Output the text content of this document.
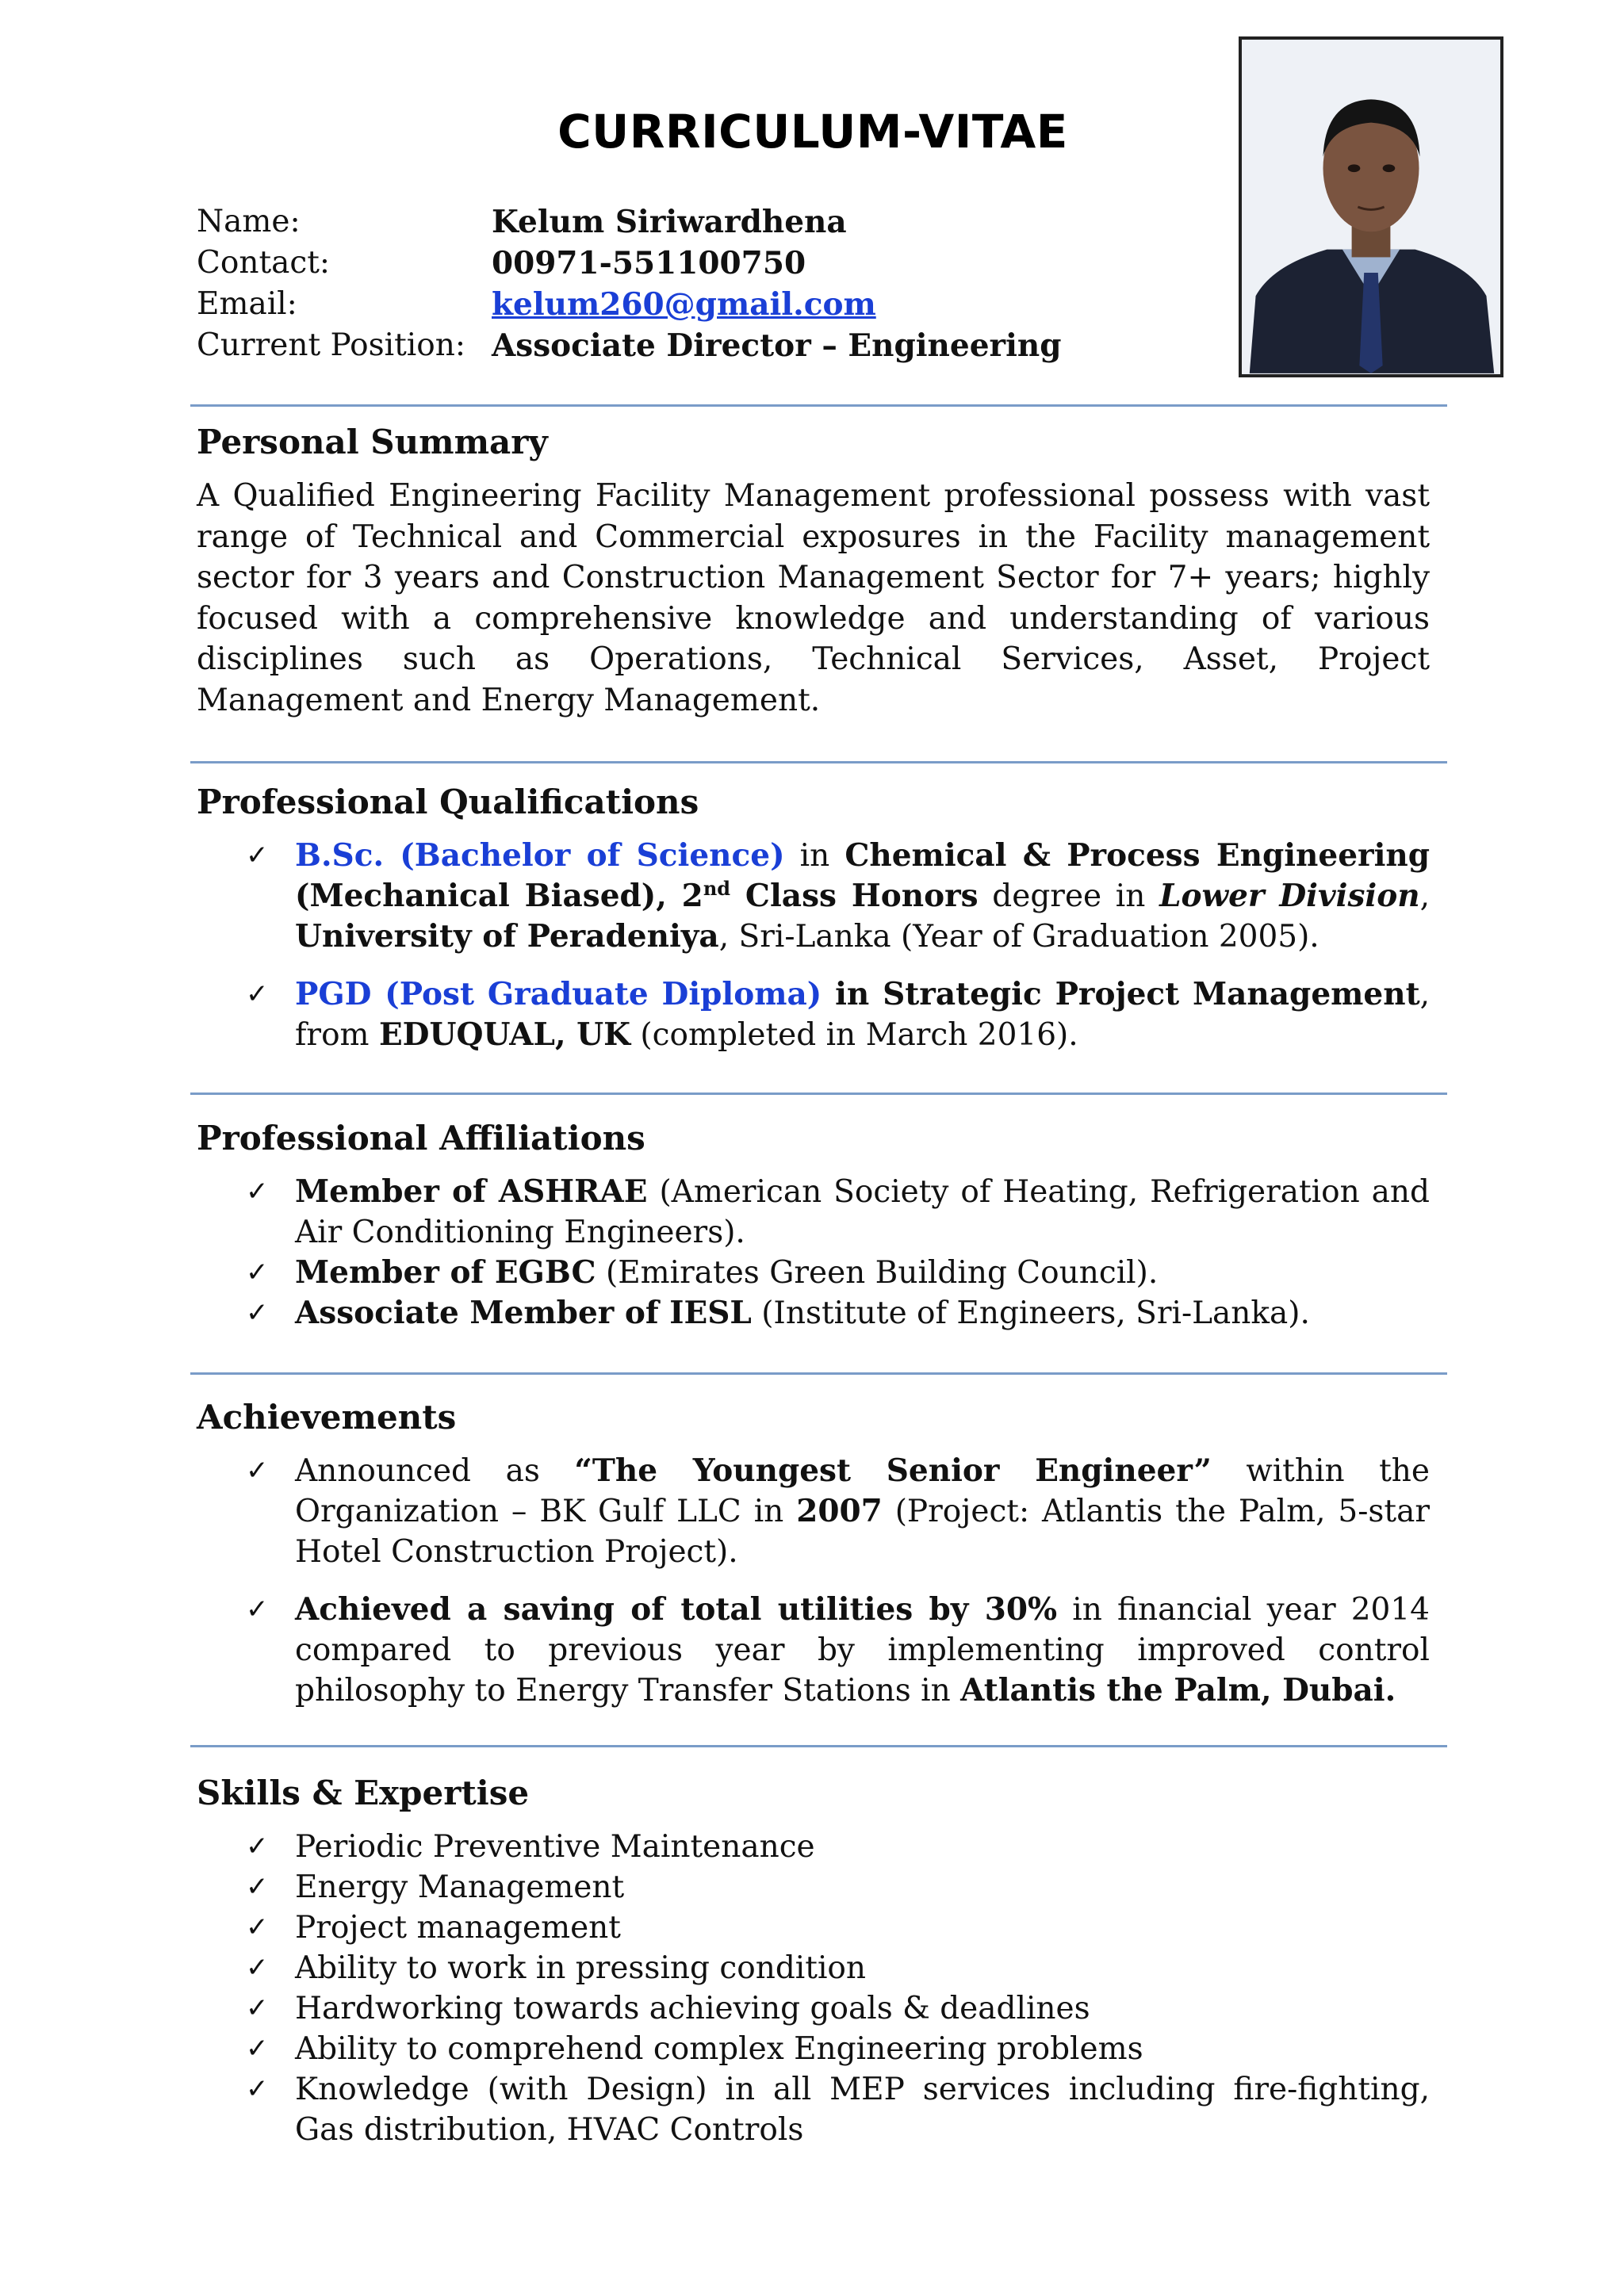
CURRICULUM-VITAE
Name:	Kelum Siriwardhena
Contact:	00971-551100750
Email:	kelum260@gmail.com
Current Position: Associate Director – Engineering
Personal Summary

A Qualified Engineering Facility Management professional possess with vast range of Technical and Commercial exposures in the Facility management sector for 3 years and Construction Management Sector for 7+ years; highly focused with a comprehensive knowledge and understanding of various disciplines such as Operations, Technical Services, Asset, Project Management and Energy Management.

Professional Qualifications
✓ B.Sc. (Bachelor of Science) in Chemical & Process Engineering (Mechanical Biased), 2nd Class Honors degree in Lower Division, University of Peradeniya, Sri-Lanka (Year of Graduation 2005).
✓ PGD (Post Graduate Diploma) in Strategic Project Management, from EDUQUAL, UK (completed in March 2016).
Professional Affiliations
✓ Member of ASHRAE (American Society of Heating, Refrigeration and Air Conditioning Engineers).
✓ Member of EGBC (Emirates Green Building Council).
✓ Associate Member of IESL (Institute of Engineers, Sri-Lanka).
Achievements
✓ Announced as “The Youngest Senior Engineer” within the Organization – BK Gulf LLC in 2007 (Project: Atlantis the Palm, 5-star Hotel Construction Project).
✓ Achieved a saving of total utilities by 30% in financial year 2014 compared to previous year by implementing improved control philosophy to Energy Transfer Stations in Atlantis the Palm, Dubai.
Skills & Expertise
✓ Periodic Preventive Maintenance
✓ Energy Management
✓ Project management
✓ Ability to work in pressing condition
✓ Hardworking towards achieving goals & deadlines
✓ Ability to comprehend complex Engineering problems
✓ Knowledge (with Design) in all MEP services including fire-fighting, Gas distribution, HVAC Controls
